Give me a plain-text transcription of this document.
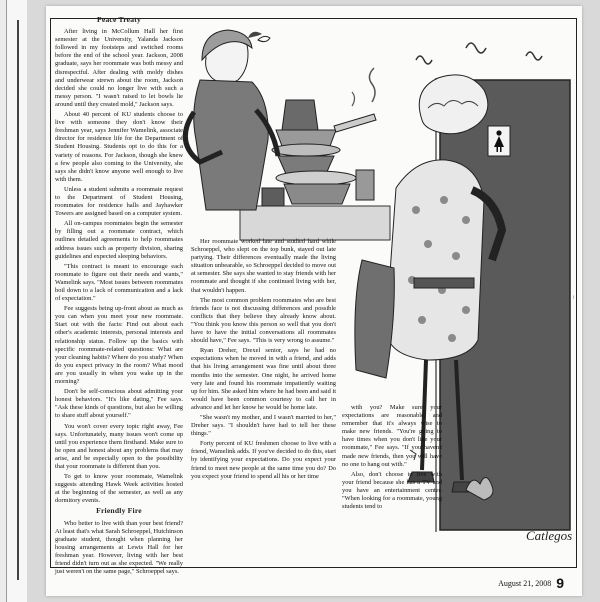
Catlegos
Peace Treaty

After living in McCollum Hall her first semester at the University, Yalanda Jackson followed in my footsteps and switched rooms before the end of the school year. Jackson, 2008 graduate, says her roommate was both messy and disrespectful. After dealing with moldy dishes and underwear strewn about the room, Jackson decided she could no longer live with such a messy person. "I wasn't raised to let bowls lie around until they created mold," Jackson says.

About 40 percent of KU students choose to live with someone they don't know their freshman year, says Jennifer Wamelink, associate director for residence life for the Department of Student Housing. Students opt to do this for a variety of reasons. For Jackson, though she knew a few people also coming to the University, she says she didn't know anyone well enough to live with them.

Unless a student submits a roommate request to the Department of Student Housing, roommates for residence halls and Jayhawker Towers are assigned based on a computer system.

All on-campus roommates begin the semester by filling out a roommate contract, which outlines detailed agreements to help roommates address issues such as property division, sharing guidelines and expected sleeping behaviors.

"This contract is meant to encourage each roommate to figure out their needs and wants," Wamelink says. "Most issues between roommates boil down to a lack of communication and a lack of expectation."

Fee suggests being up-front about as much as you can when you meet your new roommate. Start out with the facts: Find out about each other's academic interests, personal interests and relationship status. Follow up the basics with specific roommate-related questions: What are your cleaning habits? Where do you study? When do you expect privacy in the room? What mood are you usually in when you wake up in the morning?

Don't be self-conscious about admitting your honest behaviors. "It's like dating," Fee says. "Ask these kinds of questions, but also be willing to share stuff about yourself."

You won't cover every topic right away, Fee says. Unfortunately, many issues won't come up until you experience them firsthand. Make sure to be open and honest about any problems that may arise, and be especially open to the possibility that your roommate is different than you.

To get to know your roommate, Wamelink suggests attending Hawk Week activities hosted at the beginning of the semester, as well as any dormitory events.

Friendly Fire

Who better to live with than your best friend? At least that's what Sarah Schroeppel, Hutchinson graduate student, thought when planning her housing arrangements at Lewis Hall for her freshman year. However, living with her best friend didn't turn out as she expected. "We really just weren't on the same page," Schroeppel says.

Her roommate worked late and studied hard while Schroeppel, who slept on the top bunk, stayed out late partying. Their differences eventually made the living situation unbearable, so Schroeppel decided to move out at semester. She says she wanted to stay friends with her roommate and thought if she continued living with her, that wouldn't happen.

The most common problem roommates who are best friends face is not discussing differences and possible conflicts that they believe they already know about. "You think you know this person so well that you don't have to have the initial conversations all roommates should have," Fee says. "This is very wrong to assume."

Ryan Dreher, Drexel senior, says he had no expectations when he moved in with a friend, and adds that his living arrangement was fine until about three months into the semester. One night, he arrived home very late and found his roommate impatiently waiting up for him. She asked him where he had been and said it would have been common courtesy to call her in advance and let her know he would be home late.

"She wasn't my mother, and I wasn't married to her," Dreher says. "I shouldn't have had to tell her these things."

Forty percent of KU freshmen choose to live with a friend, Wamelink adds. If you've decided to do this, start by identifying your expectations. Do you expect your friend to meet new people at the same time you do? Do you expect your friend to spend all his or her time

with you? Make sure your expectations are reasonable, and remember that it's always wise to make new friends. "You're going to have times when you don't like your roommate," Fee says. "If you haven't made new friends, then you will have no one to hang out with."

Also, don't choose to live with your friend because she has a TV and you have an entertainment center. "When looking for a roommate, young students tend to

August 21, 2008 9
